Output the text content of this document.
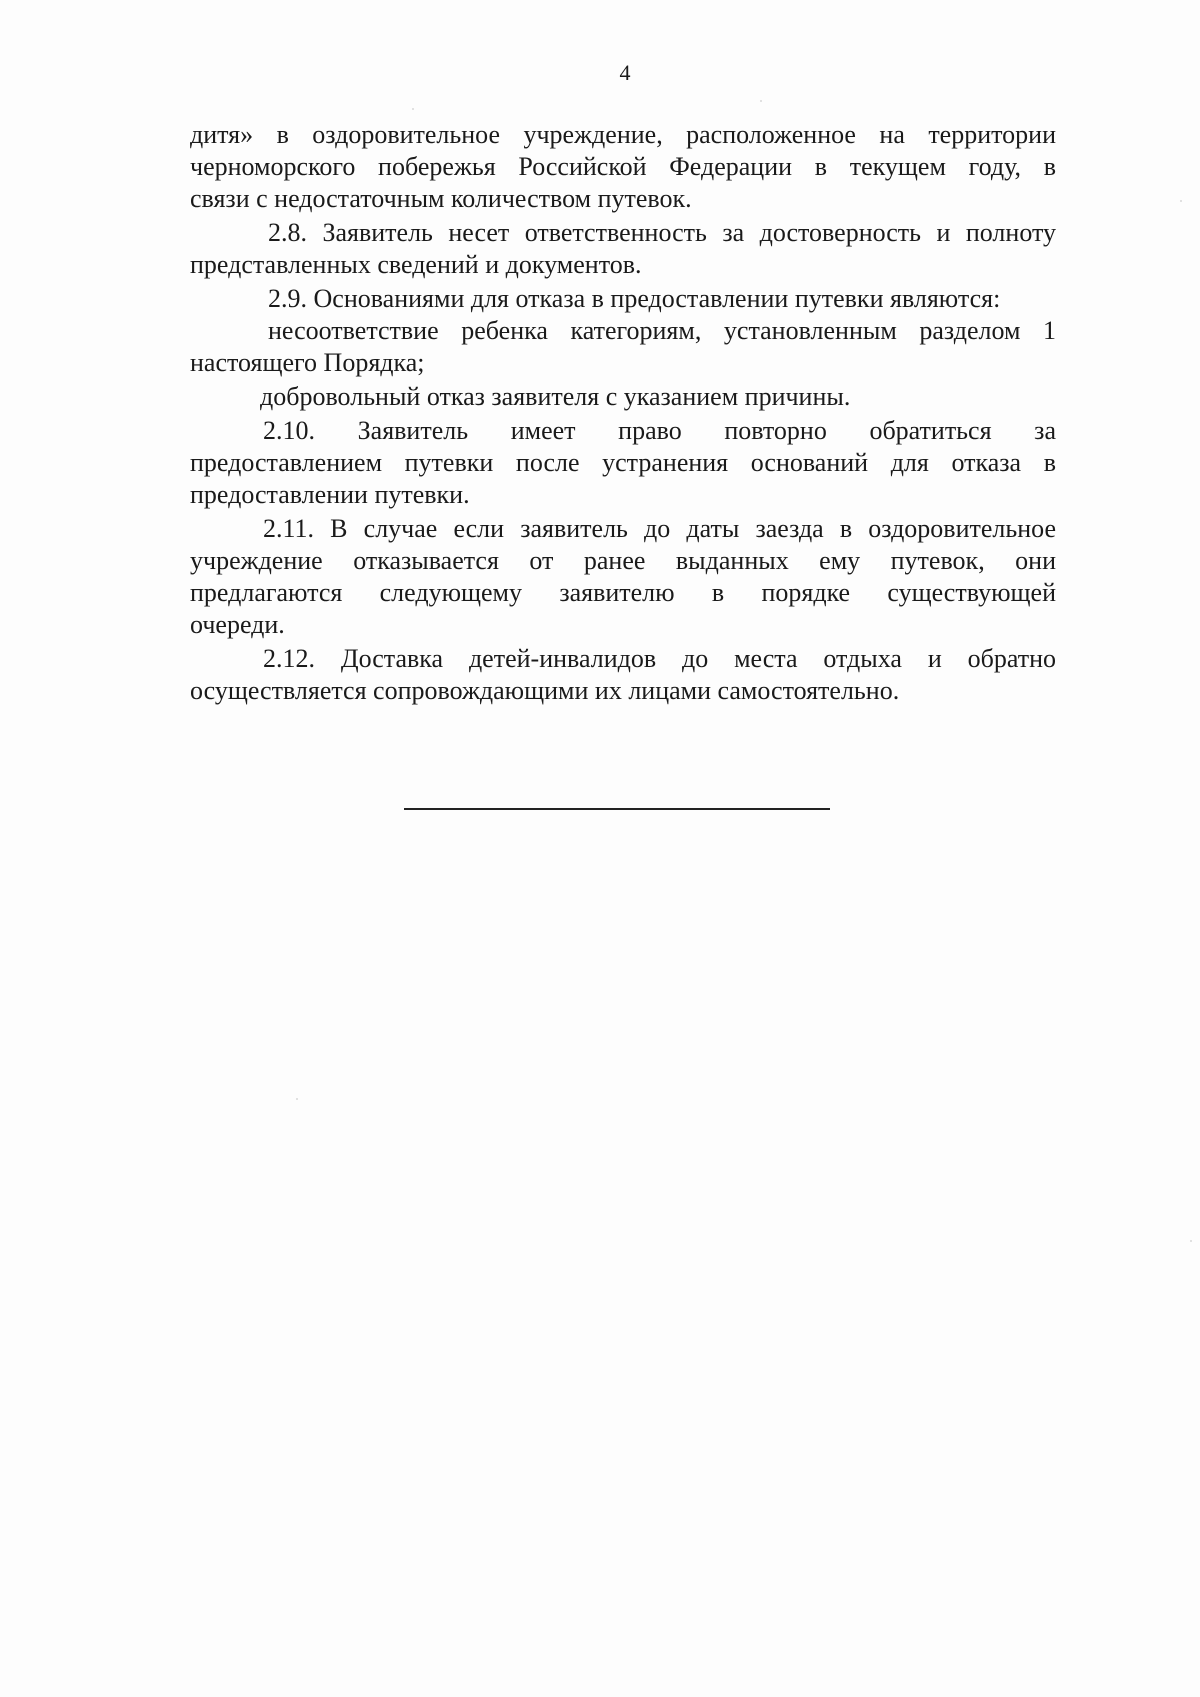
4
дитя» в оздоровительное учреждение, расположенное на территории
черноморского побережья Российской Федерации в текущем году, в
связи с недостаточным количеством путевок.
2.8. Заявитель несет ответственность за достоверность и полноту
представленных сведений и документов.
2.9. Основаниями для отказа в предоставлении путевки являются:
несоответствие ребенка категориям, установленным разделом 1
настоящего Порядка;
добровольный отказ заявителя с указанием причины.
2.10. Заявитель имеет право повторно обратиться за
предоставлением путевки после устранения оснований для отказа в
предоставлении путевки.
2.11. В случае если заявитель до даты заезда в оздоровительное
учреждение отказывается от ранее выданных ему путевок, они
предлагаются следующему заявителю в порядке существующей
очереди.
2.12. Доставка детей-инвалидов до места отдыха и обратно
осуществляется сопровождающими их лицами самостоятельно.
